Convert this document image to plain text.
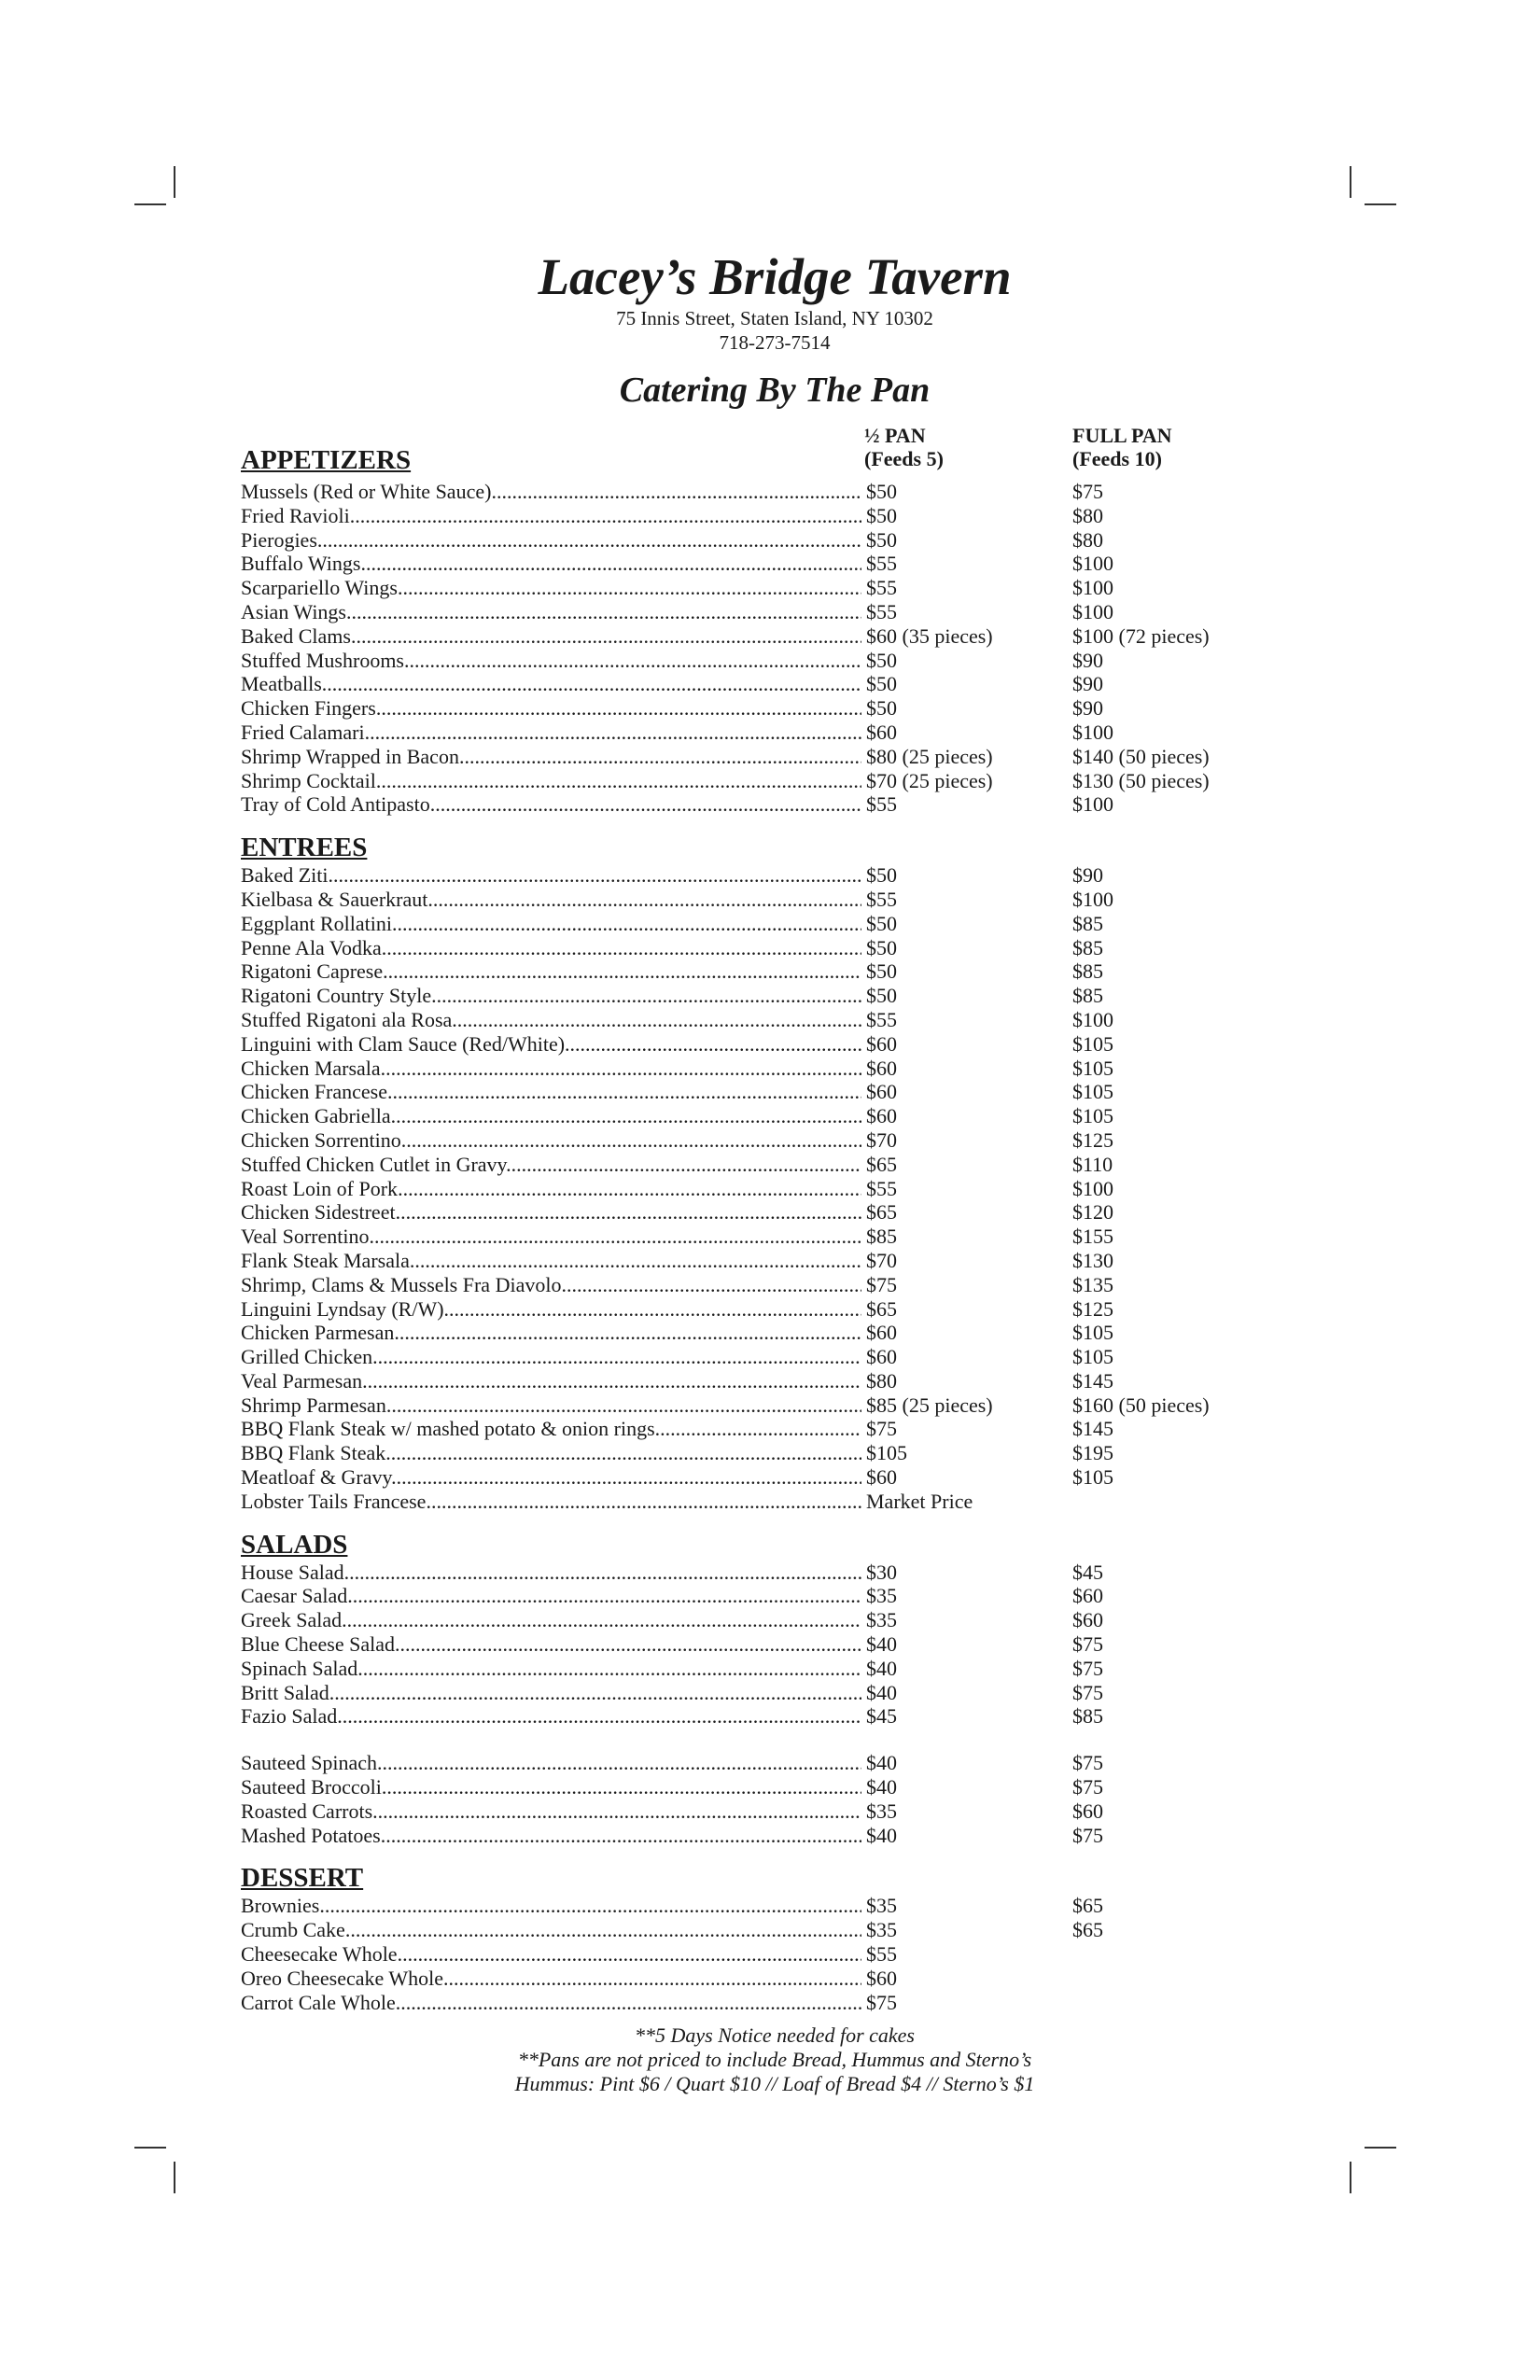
Lacey’s Bridge Tavern
75 Innis Street, Staten Island, NY 10302
718-273-7514
Catering By The Pan
APPETIZERS
½ PAN
(Feeds 5)
FULL PAN
(Feeds 10)
Mussels (Red or White Sauce) .....	$50	$75
Fried Ravioli .....	$50	$80
Pierogies .....	$50	$80
Buffalo Wings .....	$55	$100
Scarpariello Wings .....	$55	$100
Asian Wings .....	$55	$100
Baked Clams .....	$60 (35 pieces)	$100 (72 pieces)
Stuffed Mushrooms .....	$50	$90
Meatballs .....	$50	$90
Chicken Fingers .....	$50	$90
Fried Calamari .....	$60	$100
Shrimp Wrapped in Bacon .....	$80 (25 pieces)	$140 (50 pieces)
Shrimp Cocktail .....	$70 (25 pieces)	$130 (50 pieces)
Tray of Cold Antipasto .....	$55	$100
ENTREES
Baked Ziti .....	$50	$90
Kielbasa & Sauerkraut .....	$55	$100
Eggplant Rollatini .....	$50	$85
Penne Ala Vodka .....	$50	$85
Rigatoni Caprese .....	$50	$85
Rigatoni Country Style .....	$50	$85
Stuffed Rigatoni ala Rosa .....	$55	$100
Linguini with Clam Sauce (Red/White) .....	$60	$105
Chicken Marsala .....	$60	$105
Chicken Francese .....	$60	$105
Chicken Gabriella .....	$60	$105
Chicken Sorrentino .....	$70	$125
Stuffed Chicken Cutlet in Gravy .....	$65	$110
Roast Loin of Pork .....	$55	$100
Chicken Sidestreet .....	$65	$120
Veal Sorrentino .....	$85	$155
Flank Steak Marsala .....	$70	$130
Shrimp, Clams & Mussels Fra Diavolo .....	$75	$135
Linguini Lyndsay (R/W) .....	$65	$125
Chicken Parmesan .....	$60	$105
Grilled Chicken .....	$60	$105
Veal Parmesan .....	$80	$145
Shrimp Parmesan .....	$85 (25 pieces)	$160 (50 pieces)
BBQ Flank Steak w/ mashed potato & onion rings .....	$75	$145
BBQ Flank Steak .....	$105	$195
Meatloaf & Gravy .....	$60	$105
Lobster Tails Francese .....	Market Price
SALADS
House Salad .....	$30	$45
Caesar Salad .....	$35	$60
Greek Salad .....	$35	$60
Blue Cheese Salad .....	$40	$75
Spinach Salad .....	$40	$75
Britt Salad .....	$40	$75
Fazio Salad .....	$45	$85
Sauteed Spinach .....	$40	$75
Sauteed Broccoli .....	$40	$75
Roasted Carrots .....	$35	$60
Mashed Potatoes .....	$40	$75
DESSERT
Brownies .....	$35	$65
Crumb Cake .....	$35	$65
Cheesecake Whole .....	$55
Oreo Cheesecake Whole .....	$60
Carrot Cale Whole .....	$75
**5 Days Notice needed for cakes
**Pans are not priced to include Bread, Hummus and Sterno’s
Hummus: Pint $6 / Quart $10 // Loaf of Bread $4 // Sterno’s $1
